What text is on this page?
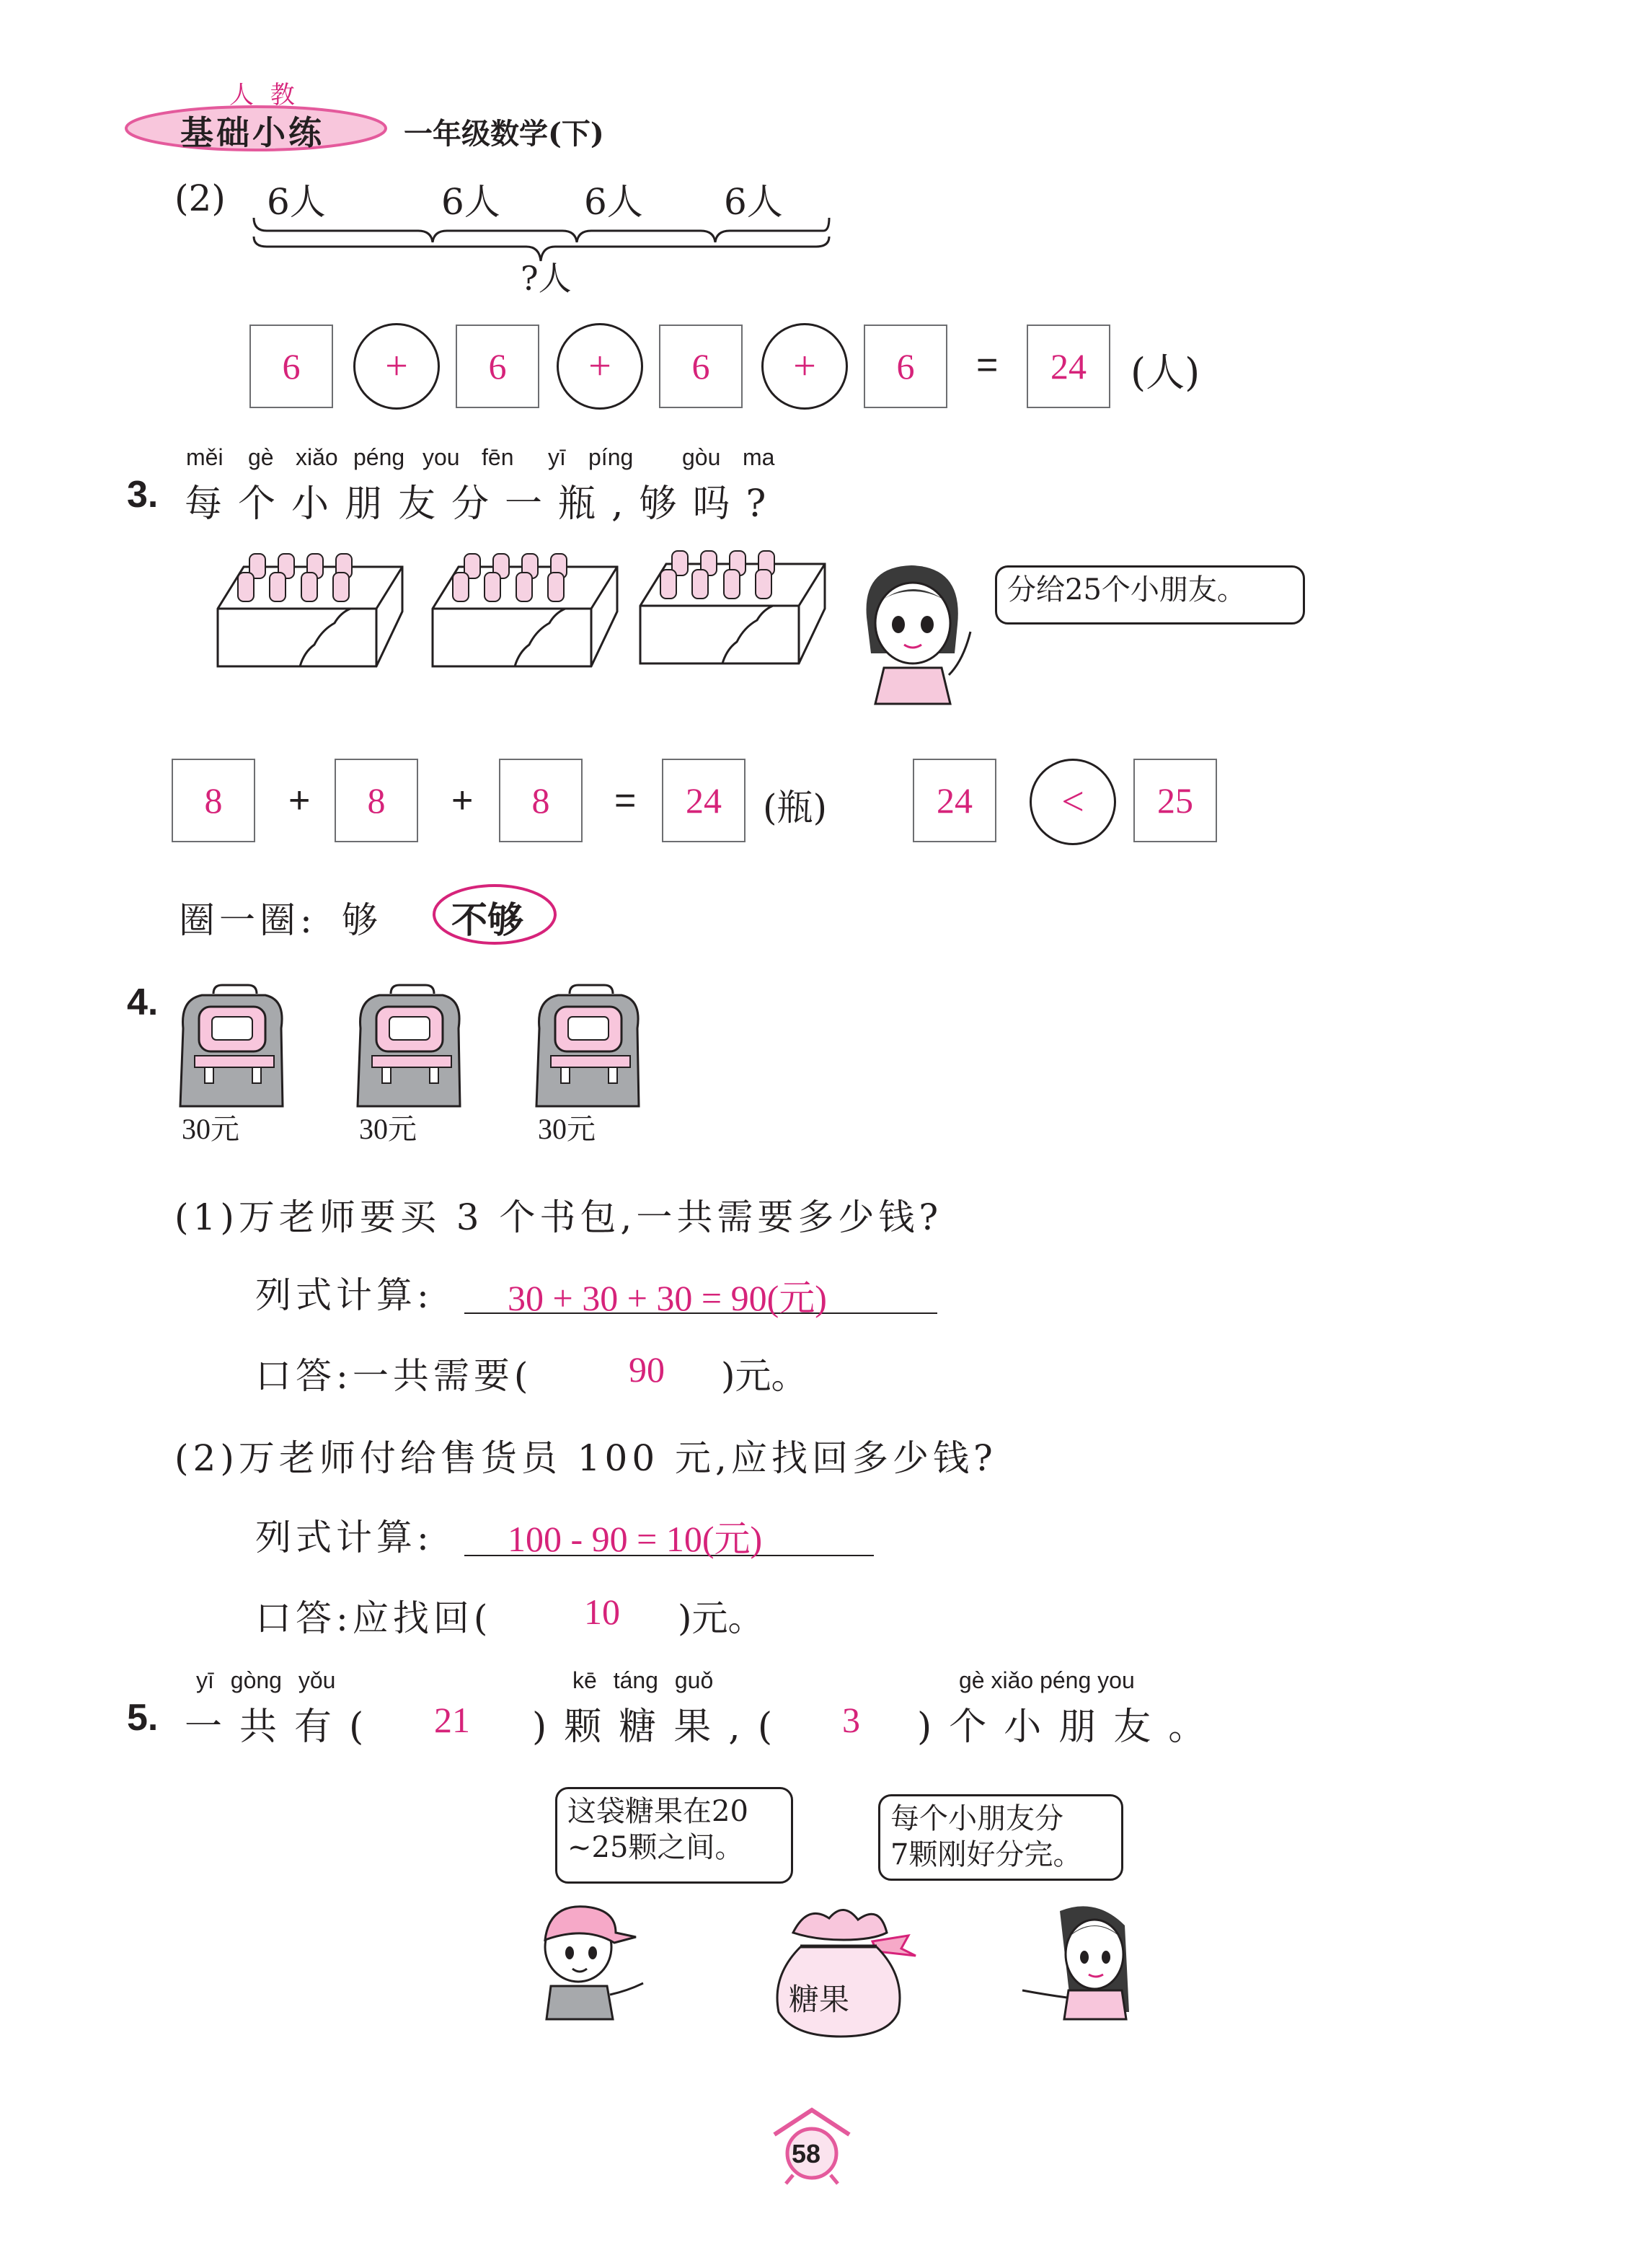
人 教
基础小练	一年级数学(下)
(2) 6人	6人 6人 6人
?人
6	+	6	+	6	+	6	=	24	(人)
měi gè xiǎo péng you fēn yī píng gòu ma
3. 每个小朋友分一瓶,够吗?
分给25个小朋友。
8	+	8	+	8	=	24	(瓶)	24	<	25
圈一圈: 够 不够
4.
30元	30元	30元
(1)万老师要买 3 个书包,一共需要多少钱?
列式计算: 30 + 30 + 30 = 90(元)
口答:一共需要(	90 )元。
(2)万老师付给售货员 100 元,应找回多少钱?
列式计算: 100 - 90 = 10(元)
口答:应找回(	10 )元。
yī gòng yǒu	kē táng guǒ	gè xiǎo péng you
5. 一共有( 21 )颗糖果,( 3 )个小朋友。
这袋糖果在20
~25颗之间。
每个小朋友分
7颗刚好分完。
糖果
58
